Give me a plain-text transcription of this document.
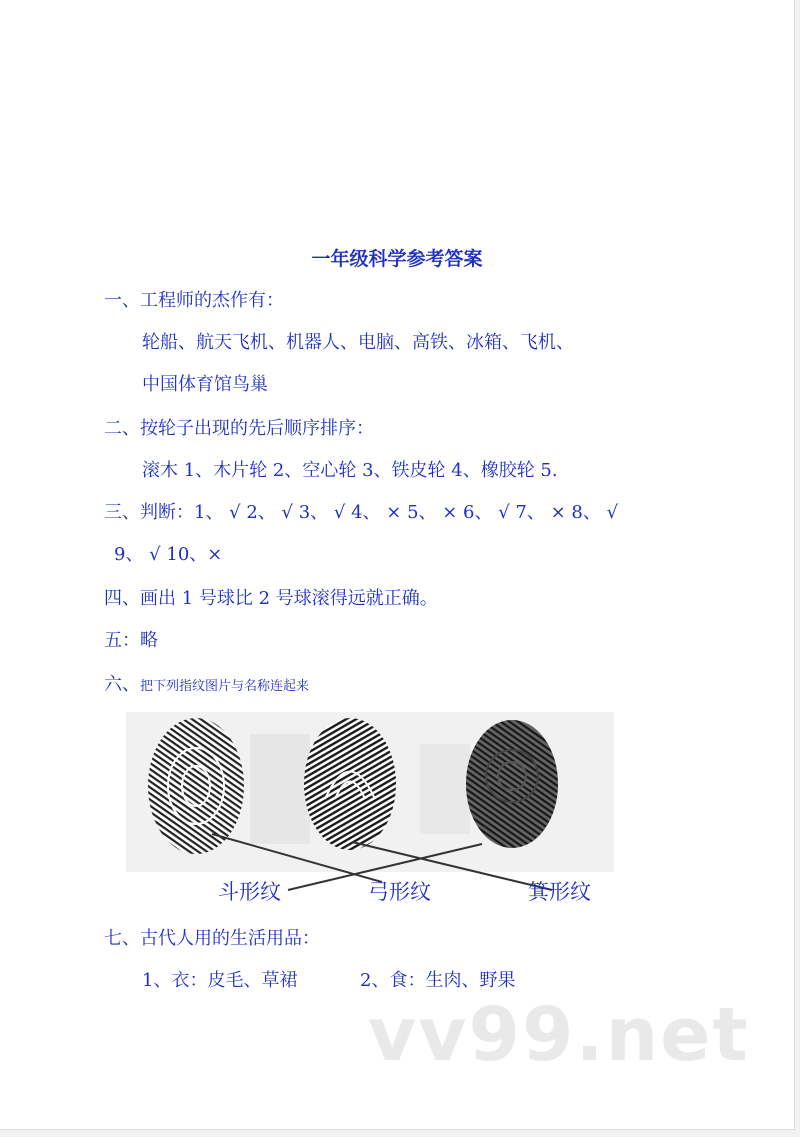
一年级科学参考答案
一、工程师的杰作有：
轮船、航天飞机、机器人、电脑、高铁、冰箱、飞机、
中国体育馆鸟巢
二、按轮子出现的先后顺序排序：
滚木 1、木片轮 2、空心轮 3、铁皮轮 4、橡胶轮 5.
三、判断：1、 √ 2、 √ 3、 √ 4、 × 5、 × 6、 √ 7、 × 8、 √
9、 √ 10、×
四、画出 1 号球比 2 号球滚得远就正确。
五：略
六、把下列指纹图片与名称连起来
斗形纹	弓形纹	箕形纹
七、古代人用的生活用品：
1、衣：皮毛、草裙	2、食：生肉、野果
vv99.net
